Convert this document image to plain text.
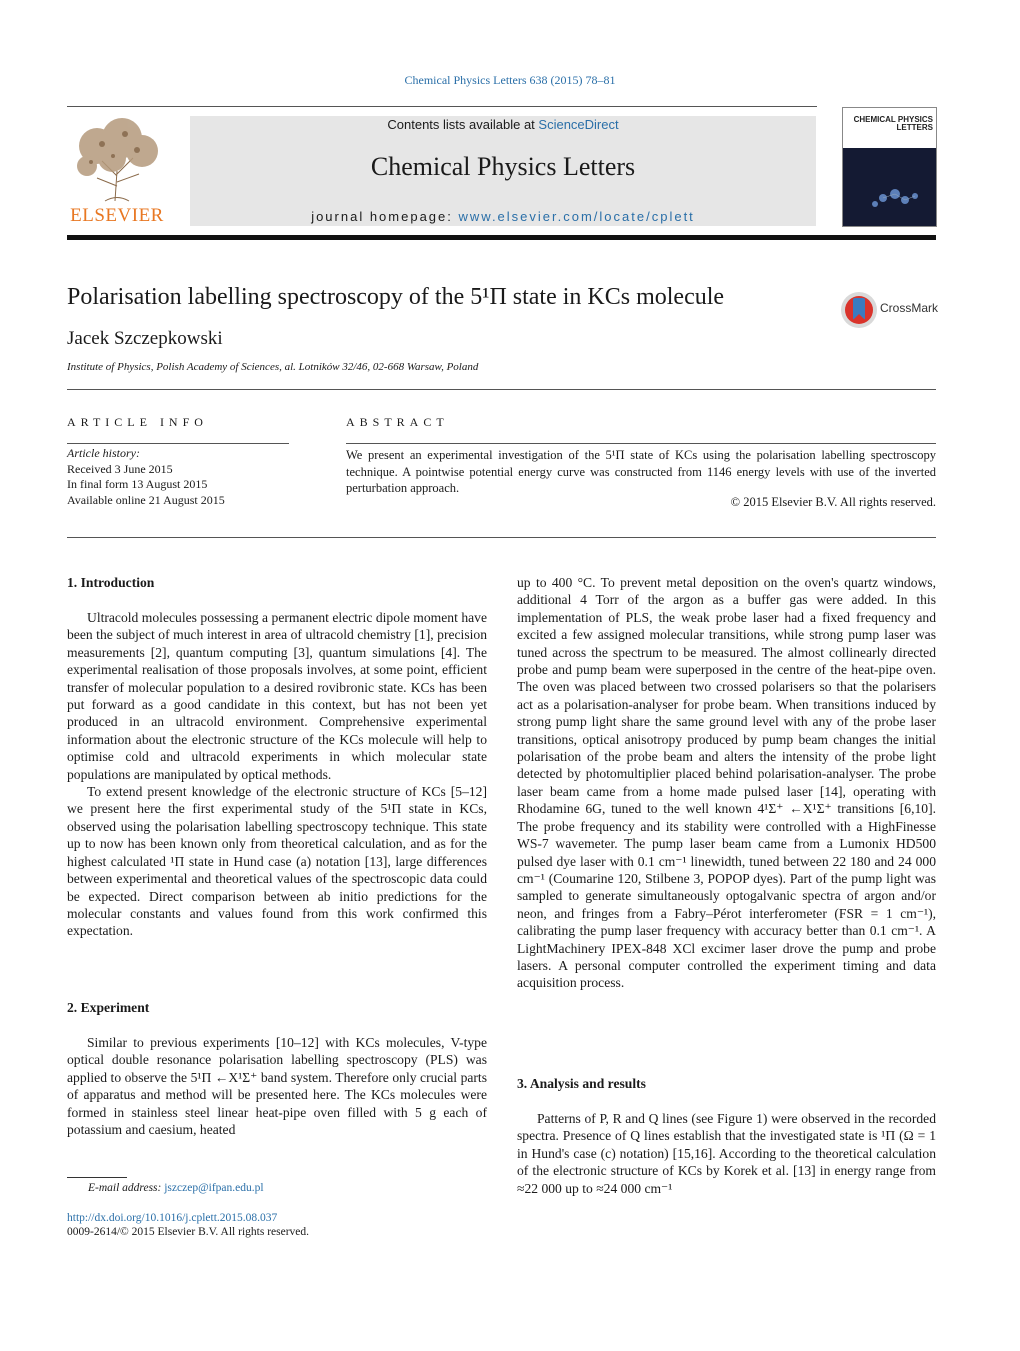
Chemical Physics Letters 638 (2015) 78–81
ELSEVIER
Contents lists available at ScienceDirect
Chemical Physics Letters
journal homepage: www.elsevier.com/locate/cplett
CHEMICAL PHYSICS LETTERS
Polarisation labelling spectroscopy of the 5¹Π state in KCs molecule	CrossMark
Jacek Szczepkowski
Institute of Physics, Polish Academy of Sciences, al. Lotników 32/46, 02-668 Warsaw, Poland
ARTICLE INFO	ABSTRACT
Article history:
Received 3 June 2015
In final form 13 August 2015
Available online 21 August 2015
We present an experimental investigation of the 5¹Π state of KCs using the polarisation labelling spectroscopy technique. A pointwise potential energy curve was constructed from 1146 energy levels with use of the inverted perturbation approach.
© 2015 Elsevier B.V. All rights reserved.
1. Introduction

Ultracold molecules possessing a permanent electric dipole moment have been the subject of much interest in area of ultracold chemistry [1], precision measurements [2], quantum computing [3], quantum simulations [4]. The experimental realisation of those proposals involves, at some point, efficient transfer of molecular population to a desired rovibronic state. KCs has been put forward as a good candidate in this context, but has not been yet produced in an ultracold environment. Comprehensive experimental information about the electronic structure of the KCs molecule will help to optimise cold and ultracold experiments in which molecular state populations are manipulated by optical methods.

To extend present knowledge of the electronic structure of KCs [5–12] we present here the first experimental study of the 5¹Π state in KCs, observed using the polarisation labelling spectroscopy technique. This state up to now has been known only from theoretical calculation, and as for the highest calculated ¹Π state in Hund case (a) notation [13], large differences between experimental and theoretical values of the spectroscopic data could be expected. Direct comparison between ab initio predictions for the molecular constants and values found from this work confirmed this expectation.

2. Experiment

Similar to previous experiments [10–12] with KCs molecules, V-type optical double resonance polarisation labelling spectroscopy (PLS) was applied to observe the 5¹Π ←X¹Σ⁺ band system. Therefore only crucial parts of apparatus and method will be presented here. The KCs molecules were formed in stainless steel linear heat-pipe oven filled with 5 g each of potassium and caesium, heated

up to 400 °C. To prevent metal deposition on the oven's quartz windows, additional 4 Torr of the argon as a buffer gas were added. In this implementation of PLS, the weak probe laser had a fixed frequency and excited a few assigned molecular transitions, while strong pump laser was tuned across the spectrum to be measured. The almost collinearly directed probe and pump beam were superposed in the centre of the heat-pipe oven. The oven was placed between two crossed polarisers so that the polarisers act as a polarisation-analyser for probe beam. When transitions induced by strong pump light share the same ground level with any of the probe laser transitions, optical anisotropy produced by pump beam changes the initial polarisation of the probe beam and alters the intensity of the probe light detected by photomultiplier placed behind polarisation-analyser. The probe laser beam came from a home made pulsed laser [14], operating with Rhodamine 6G, tuned to the well known 4¹Σ⁺ ←X¹Σ⁺ transitions [6,10]. The probe frequency and its stability were controlled with a HighFinesse WS-7 wavemeter. The pump laser beam came from a Lumonix HD500 pulsed dye laser with 0.1 cm⁻¹ linewidth, tuned between 22 180 and 24 000 cm⁻¹ (Coumarine 120, Stilbene 3, POPOP dyes). Part of the pump light was sampled to generate simultaneously optogalvanic spectra of argon and/or neon, and fringes from a Fabry–Pérot interferometer (FSR = 1 cm⁻¹), calibrating the pump laser frequency with accuracy better than 0.1 cm⁻¹. A LightMachinery IPEX-848 XCl excimer laser drove the pump and probe lasers. A personal computer controlled the experiment timing and data acquisition process.

3. Analysis and results

Patterns of P, R and Q lines (see Figure 1) were observed in the recorded spectra. Presence of Q lines establish that the investigated state is ¹Π (Ω = 1 in Hund's case (c) notation) [15,16]. According to the theoretical calculation of the electronic structure of KCs by Korek et al. [13] in energy range from ≈22 000 up to ≈24 000 cm⁻¹

E-mail address: jszczep@ifpan.edu.pl
http://dx.doi.org/10.1016/j.cplett.2015.08.037
0009-2614/© 2015 Elsevier B.V. All rights reserved.
